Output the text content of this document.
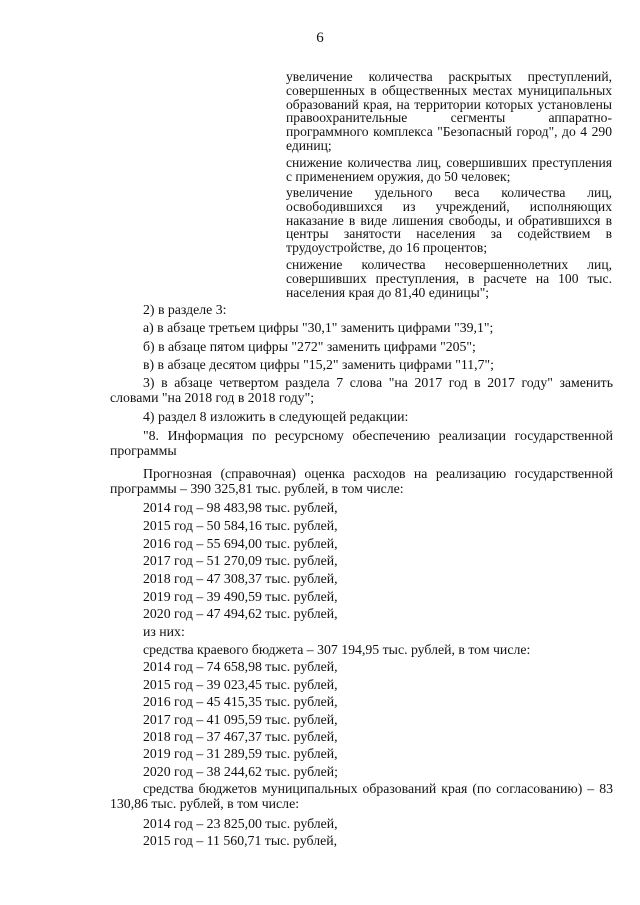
6

увеличение количества раскрытых преступлений, совершенных в общественных местах муниципальных образований края, на территории которых установлены правоохранительные сегменты аппаратно-программного комплекса "Безопасный город", до 4 290 единиц;

снижение количества лиц, совершивших преступления с применением оружия, до 50 человек;

увеличение удельного веса количества лиц, освободившихся из учреждений, исполняющих наказание в виде лишения свободы, и обратившихся в центры занятости населения за содействием в трудоустройстве, до 16 процентов;

снижение количества несовершеннолетних лиц, совершивших преступления, в расчете на 100 тыс. населения края до 81,40 единицы";

2) в разделе 3:
а) в абзаце третьем цифры "30,1" заменить цифрами "39,1";
б) в абзаце пятом цифры "272" заменить цифрами "205";
в) в абзаце десятом цифры "15,2" заменить цифрами "11,7";

3) в абзаце четвертом раздела 7 слова "на 2017 год в 2017 году" заменить словами "на 2018 год в 2018 году";

4) раздел 8 изложить в следующей редакции:

"8. Информация по ресурсному обеспечению реализации государственной программы

Прогнозная (справочная) оценка расходов на реализацию государственной программы – 390 325,81 тыс. рублей, в том числе:

2014 год – 98 483,98 тыс. рублей,
2015 год – 50 584,16 тыс. рублей,
2016 год – 55 694,00 тыс. рублей,
2017 год – 51 270,09 тыс. рублей,
2018 год – 47 308,37 тыс. рублей,
2019 год – 39 490,59 тыс. рублей,
2020 год – 47 494,62 тыс. рублей,
из них:
средства краевого бюджета – 307 194,95 тыс. рублей, в том числе:
2014 год – 74 658,98 тыс. рублей,
2015 год – 39 023,45 тыс. рублей,
2016 год – 45 415,35 тыс. рублей,
2017 год – 41 095,59 тыс. рублей,
2018 год – 37 467,37 тыс. рублей,
2019 год – 31 289,59 тыс. рублей,
2020 год – 38 244,62 тыс. рублей;

средства бюджетов муниципальных образований края (по согласованию) – 83 130,86 тыс. рублей, в том числе:

2014 год – 23 825,00 тыс. рублей,
2015 год – 11 560,71 тыс. рублей,
